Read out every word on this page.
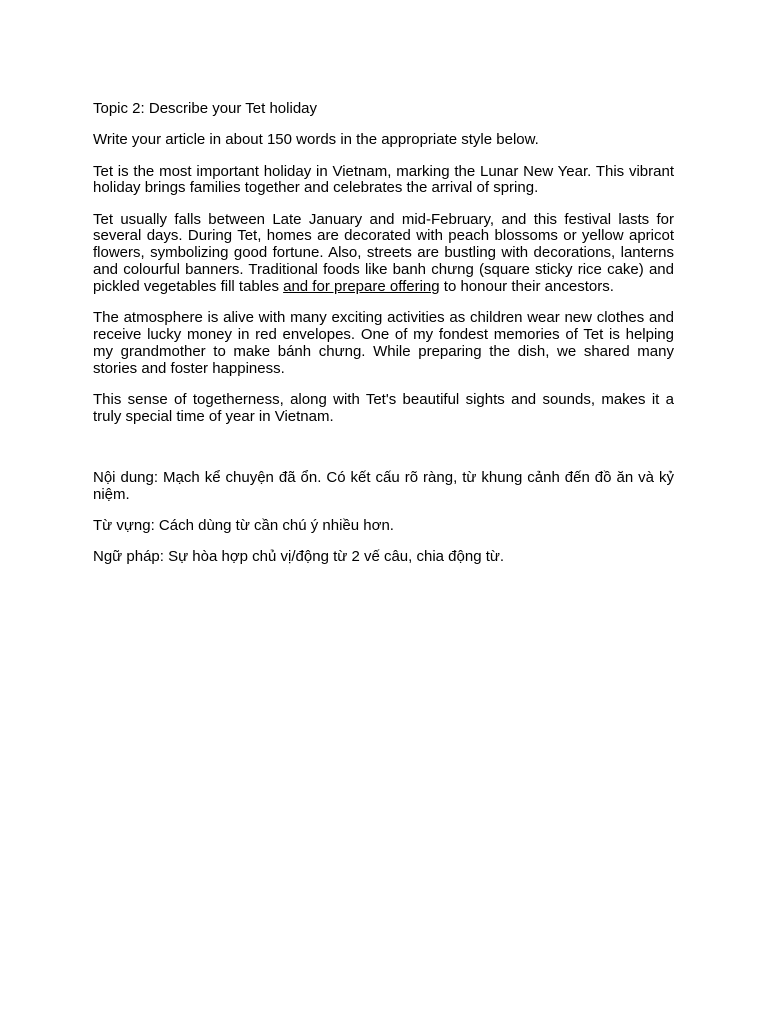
Topic 2: Describe your Tet holiday

Write your article in about 150 words in the appropriate style below.

Tet is the most important holiday in Vietnam, marking the Lunar New Year. This vibrant holiday brings families together and celebrates the arrival of spring.

Tet usually falls between Late January and mid-February, and this festival lasts for several days. During Tet, homes are decorated with peach blossoms or yellow apricot flowers, symbolizing good fortune. Also, streets are bustling with decorations, lanterns and colourful banners. Traditional foods like banh chưng (square sticky rice cake) and pickled vegetables fill tables and for prepare offering to honour their ancestors.

The atmosphere is alive with many exciting activities as children wear new clothes and receive lucky money in red envelopes. One of my fondest memories of Tet is helping my grandmother to make bánh chưng. While preparing the dish, we shared many stories and foster happiness.

This sense of togetherness, along with Tet's beautiful sights and sounds, makes it a truly special time of year in Vietnam.

Nội dung: Mạch kể chuyện đã ổn. Có kết cấu rõ ràng, từ khung cảnh đến đồ ăn và kỷ niệm.

Từ vựng: Cách dùng từ cần chú ý nhiều hơn.

Ngữ pháp: Sự hòa hợp chủ vị/động từ 2 vế câu, chia động từ.
